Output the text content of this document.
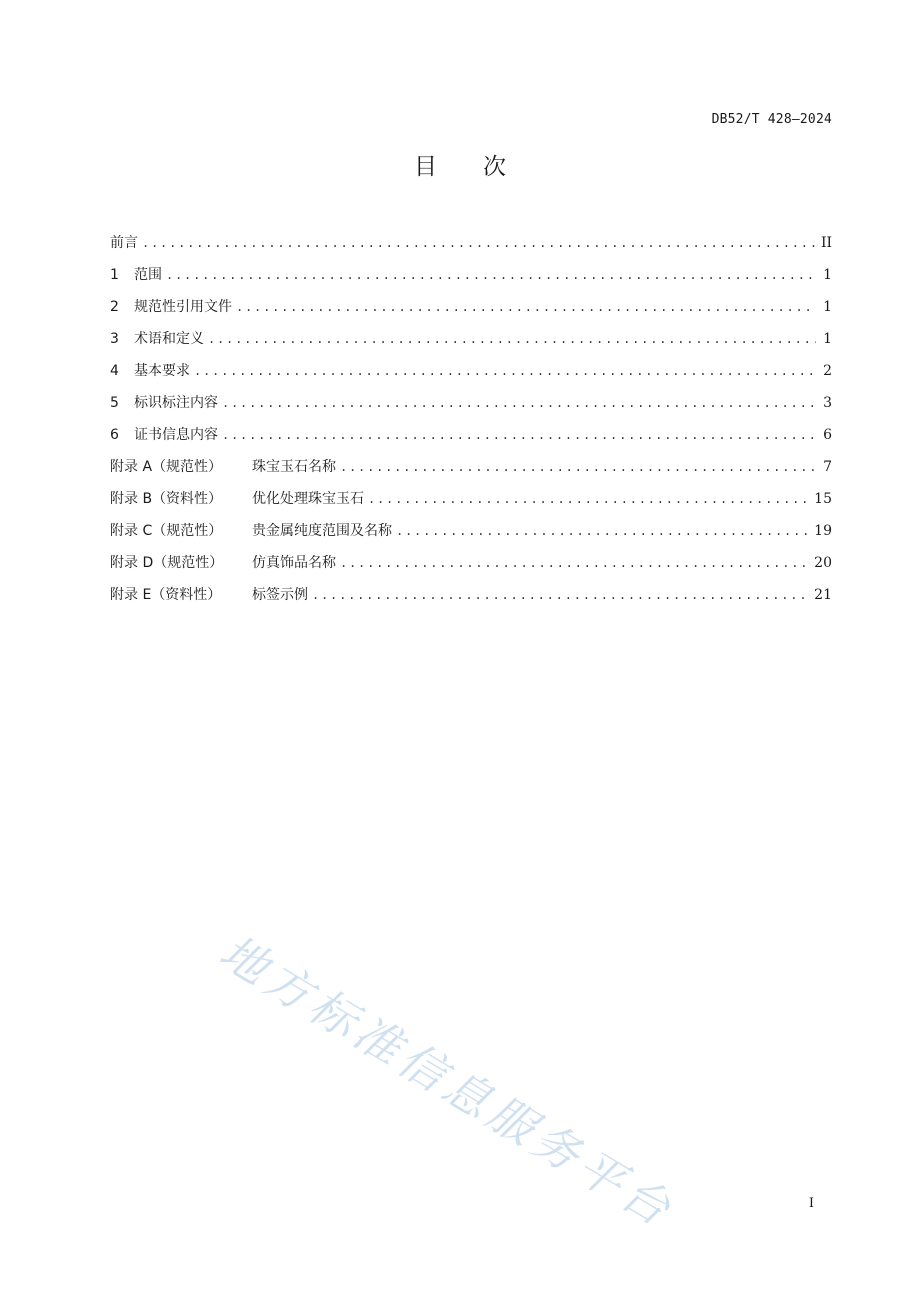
DB52/T 428—2024
目 次
前言 .....	II
1	范围 .....	1
2	规范性引用文件 .....	1
3	术语和定义 .....	1
4	基本要求 .....	2
5	标识标注内容 .....	3
6	证书信息内容 .....	6
附录 A（规范性）	珠宝玉石名称 .....	7
附录 B（资料性）	优化处理珠宝玉石 .....	15
附录 C（规范性）	贵金属纯度范围及名称 .....	19
附录 D（规范性）	仿真饰品名称 .....	20
附录 E（资料性）	标签示例 .....	21
地方标准信息服务平台	I
